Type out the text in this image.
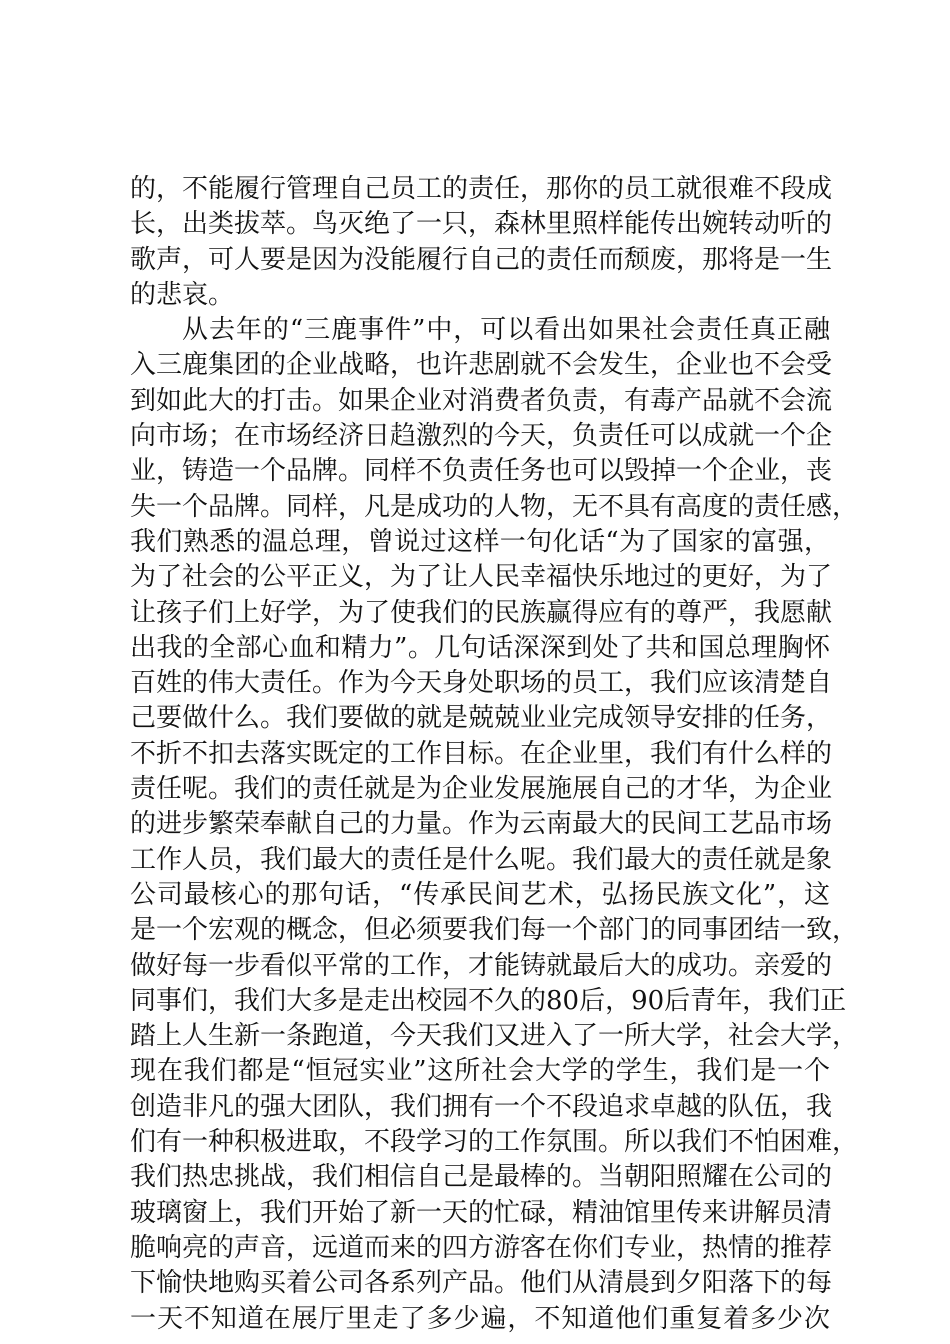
的，不能履行管理自己员工的责任，那你的员工就很难不段成
长，出类拔萃。鸟灭绝了一只，森林里照样能传出婉转动听的
歌声，可人要是因为没能履行自己的责任而颓废，那将是一生
的悲哀。
从去年的“三鹿事件”中，可以看出如果社会责任真正融
入三鹿集团的企业战略，也许悲剧就不会发生，企业也不会受
到如此大的打击。如果企业对消费者负责，有毒产品就不会流
向市场；在市场经济日趋激烈的今天，负责任可以成就一个企
业，铸造一个品牌。同样不负责任务也可以毁掉一个企业，丧
失一个品牌。同样，凡是成功的人物，无不具有高度的责任感，
我们熟悉的温总理，曾说过这样一句化话“为了国家的富强，
为了社会的公平正义，为了让人民幸福快乐地过的更好，为了
让孩子们上好学，为了使我们的民族赢得应有的尊严，我愿献
出我的全部心血和精力”。几句话深深到处了共和国总理胸怀
百姓的伟大责任。作为今天身处职场的员工，我们应该清楚自
己要做什么。我们要做的就是兢兢业业完成领导安排的任务，
不折不扣去落实既定的工作目标。在企业里，我们有什么样的
责任呢。我们的责任就是为企业发展施展自己的才华，为企业
的进步繁荣奉献自己的力量。作为云南最大的民间工艺品市场
工作人员，我们最大的责任是什么呢。我们最大的责任就是象
公司最核心的那句话，“传承民间艺术，弘扬民族文化”，这
是一个宏观的概念，但必须要我们每一个部门的同事团结一致，
做好每一步看似平常的工作，才能铸就最后大的成功。亲爱的
同事们，我们大多是走出校园不久的80后，90后青年，我们正
踏上人生新一条跑道，今天我们又进入了一所大学，社会大学，
现在我们都是“恒冠实业”这所社会大学的学生，我们是一个
创造非凡的强大团队，我们拥有一个不段追求卓越的队伍，我
们有一种积极进取，不段学习的工作氛围。所以我们不怕困难，
我们热忠挑战，我们相信自己是最棒的。当朝阳照耀在公司的
玻璃窗上，我们开始了新一天的忙碌，精油馆里传来讲解员清
脆响亮的声音，远道而来的四方游客在你们专业，热情的推荐
下愉快地购买着公司各系列产品。他们从清晨到夕阳落下的每
一天不知道在展厅里走了多少遍，不知道他们重复着多少次
